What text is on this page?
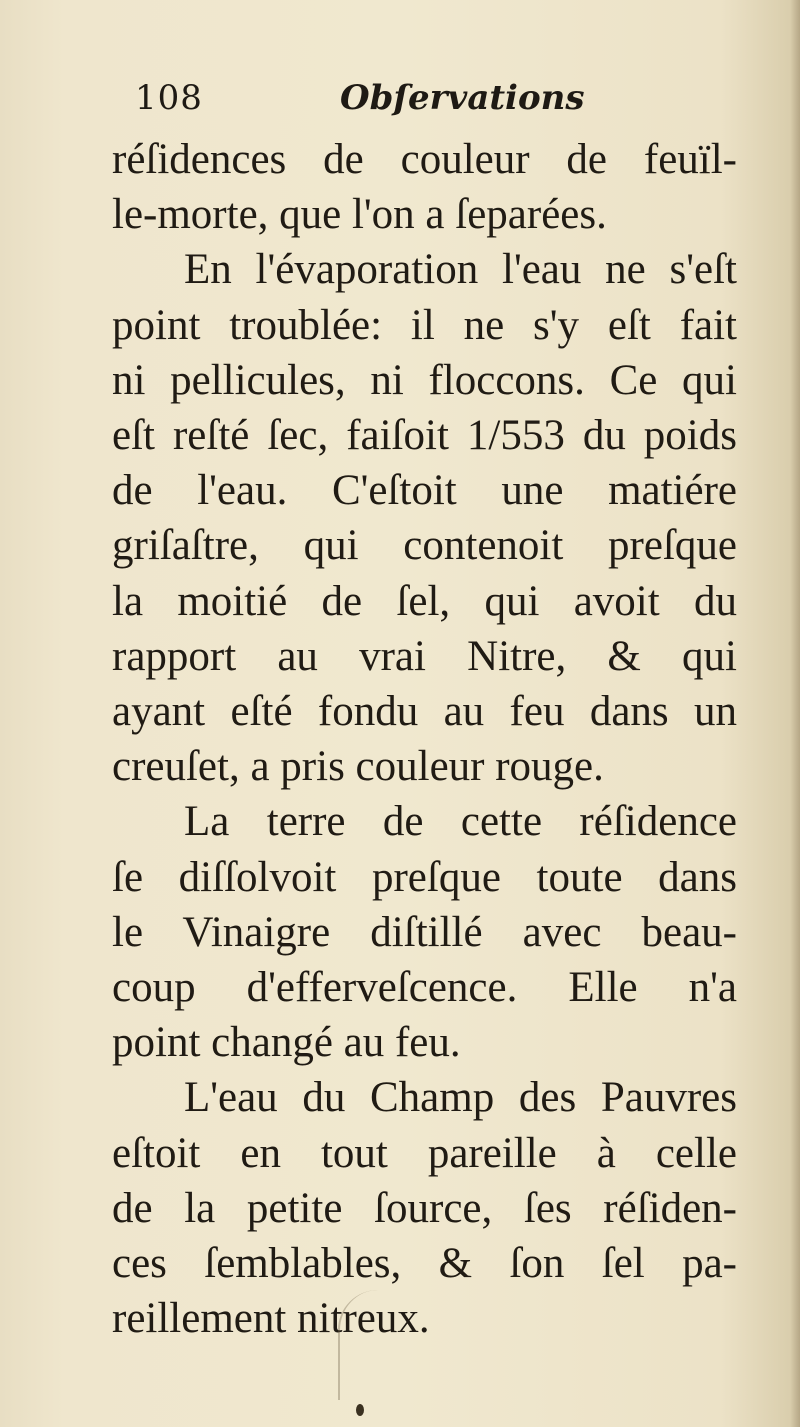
108	Obſervations
réſidences de couleur de feuïl-
le-morte, que l'on a ſeparées.
En l'évaporation l'eau ne s'eſt
point troublée: il ne s'y eſt fait
ni pellicules, ni floccons. Ce qui
eſt reſté ſec, faiſoit 1/553 du poids
de l'eau. C'eſtoit une matiére
griſaſtre, qui contenoit preſque
la moitié de ſel, qui avoit du
rapport au vrai Nitre, & qui
ayant eſté fondu au feu dans un
creuſet, a pris couleur rouge.
La terre de cette réſidence
ſe diſſolvoit preſque toute dans
le Vinaigre diſtillé avec beau-
coup d'efferveſcence. Elle n'a
point changé au feu.
L'eau du Champ des Pauvres
eſtoit en tout pareille à celle
de la petite ſource, ſes réſiden-
ces ſemblables, & ſon ſel pa-
reillement nitreux.
